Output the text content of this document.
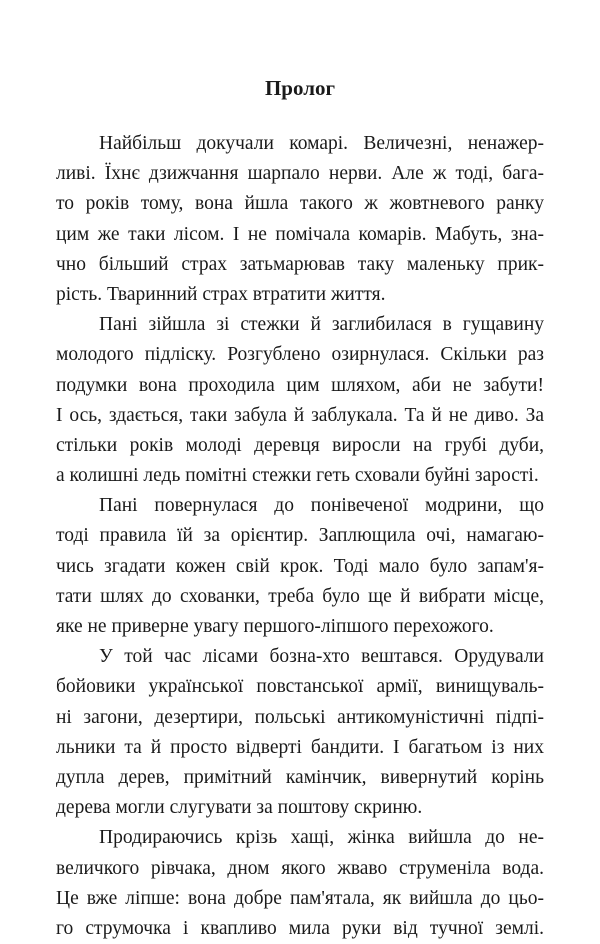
Пролог

Найбільш докучали комарі. Величезні, ненажер-
ливі. Їхнє дзижчання шарпало нерви. Але ж тоді, бага-
то років тому, вона йшла такого ж жовтневого ранку
цим же таки лісом. І не помічала комарів. Мабуть, зна-
чно більший страх затьмарював таку маленьку прик-
рість. Тваринний страх втратити життя.

Пані зійшла зі стежки й заглибилася в гущавину
молодого підліску. Розгублено озирнулася. Скільки раз
подумки вона проходила цим шляхом, аби не забути!
І ось, здається, таки забула й заблукала. Та й не диво. За
стільки років молоді деревця виросли на грубі дуби,
а колишні ледь помітні стежки геть сховали буйні зарості.

Пані повернулася до понівеченої модрини, що
тоді правила їй за орієнтир. Заплющила очі, намагаю-
чись згадати кожен свій крок. Тоді мало було запам'я-
тати шлях до схованки, треба було ще й вибрати місце,
яке не приверне увагу першого-ліпшого перехожого.

У той час лісами бозна-хто вештався. Орудували
бойовики української повстанської армії, винищуваль-
ні загони, дезертири, польські антикомуністичні підпі-
льники та й просто відверті бандити. І багатьом із них
дупла дерев, примітний камінчик, вивернутий корінь
дерева могли слугувати за поштову скриню.

Продираючись крізь хащі, жінка вийшла до не-
величкого рівчака, дном якого жваво струменіла вода.
Це вже ліпше: вона добре пам'ятала, як вийшла до цьо-
го струмочка і квапливо мила руки від тучної землі.
